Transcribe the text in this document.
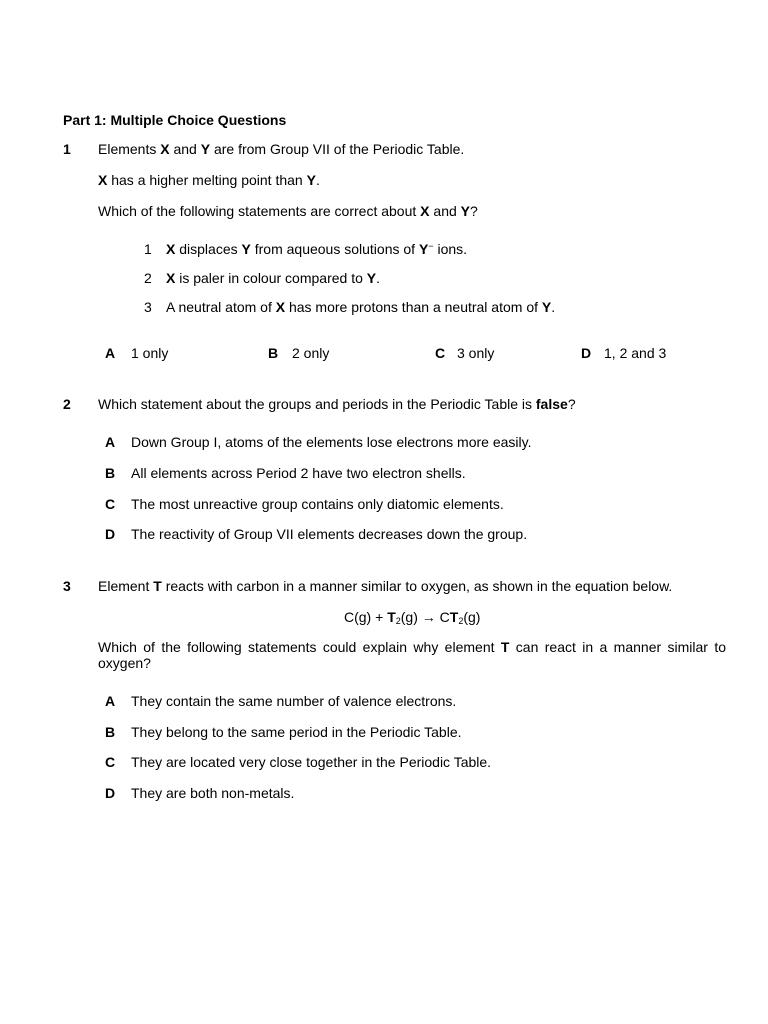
Part 1: Multiple Choice Questions
1 Elements X and Y are from Group VII of the Periodic Table.
X has a higher melting point than Y.
Which of the following statements are correct about X and Y?
1 X displaces Y from aqueous solutions of Y− ions.
2 X is paler in colour compared to Y.
3 A neutral atom of X has more protons than a neutral atom of Y.
A 1 only	B 2 only	C 3 only	D 1, 2 and 3
2 Which statement about the groups and periods in the Periodic Table is false?
A Down Group I, atoms of the elements lose electrons more easily.
B All elements across Period 2 have two electron shells.
C The most unreactive group contains only diatomic elements.
D The reactivity of Group VII elements decreases down the group.
3 Element T reacts with carbon in a manner similar to oxygen, as shown in the equation below.
$C(g) + T_2(g) \to CT_2(g)$
Which of the following statements could explain why element T can react in a manner similar to oxygen?
A They contain the same number of valence electrons.
B They belong to the same period in the Periodic Table.
C They are located very close together in the Periodic Table.
D They are both non-metals.
